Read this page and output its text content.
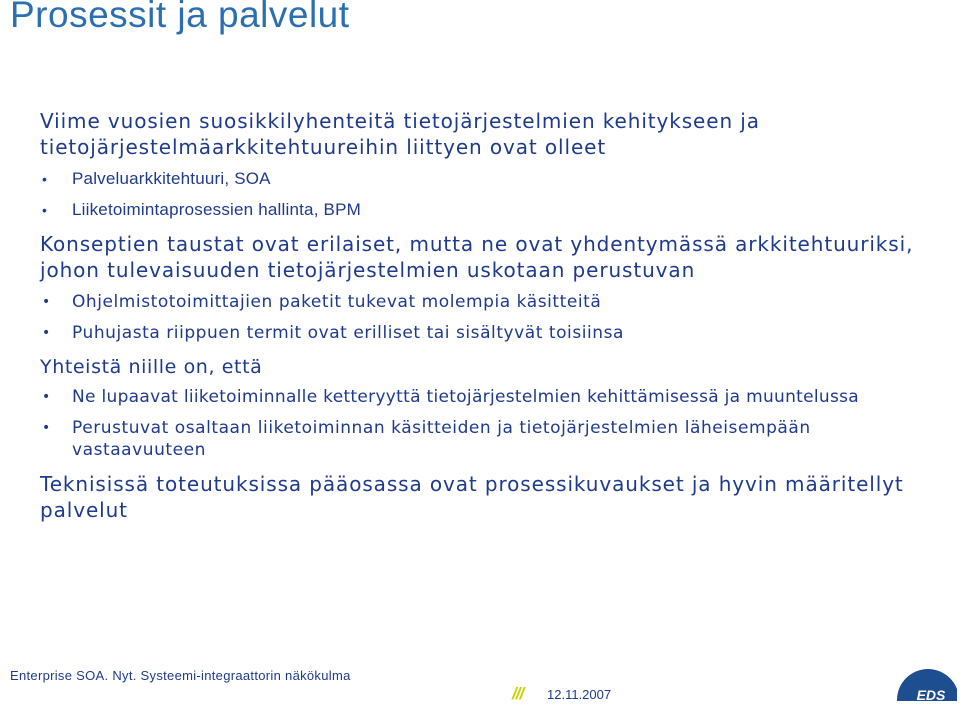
Prosessit ja palvelut
Viime vuosien suosikkilyhenteitä tietojärjestelmien kehitykseen ja
tietojärjestelmäarkkitehtuureihin liittyen ovat olleet
• Palveluarkkitehtuuri, SOA
• Liiketoimintaprosessien hallinta, BPM
Konseptien taustat ovat erilaiset, mutta ne ovat yhdentymässä arkkitehtuuriksi,
johon tulevaisuuden tietojärjestelmien uskotaan perustuvan
• Ohjelmistotoimittajien paketit tukevat molempia käsitteitä
• Puhujasta riippuen termit ovat erilliset tai sisältyvät toisiinsa
Yhteistä niille on, että
• Ne lupaavat liiketoiminnalle ketteryyttä tietojärjestelmien kehittämisessä ja muuntelussa
• Perustuvat osaltaan liiketoiminnan käsitteiden ja tietojärjestelmien läheisempään vastaavuuteen
Teknisissä toteutuksissa pääosassa ovat prosessikuvaukset ja hyvin määritellyt
palvelut
Enterprise SOA. Nyt. Systeemi-integraattorin näkökulma
/// 12.11.2007	EDS
